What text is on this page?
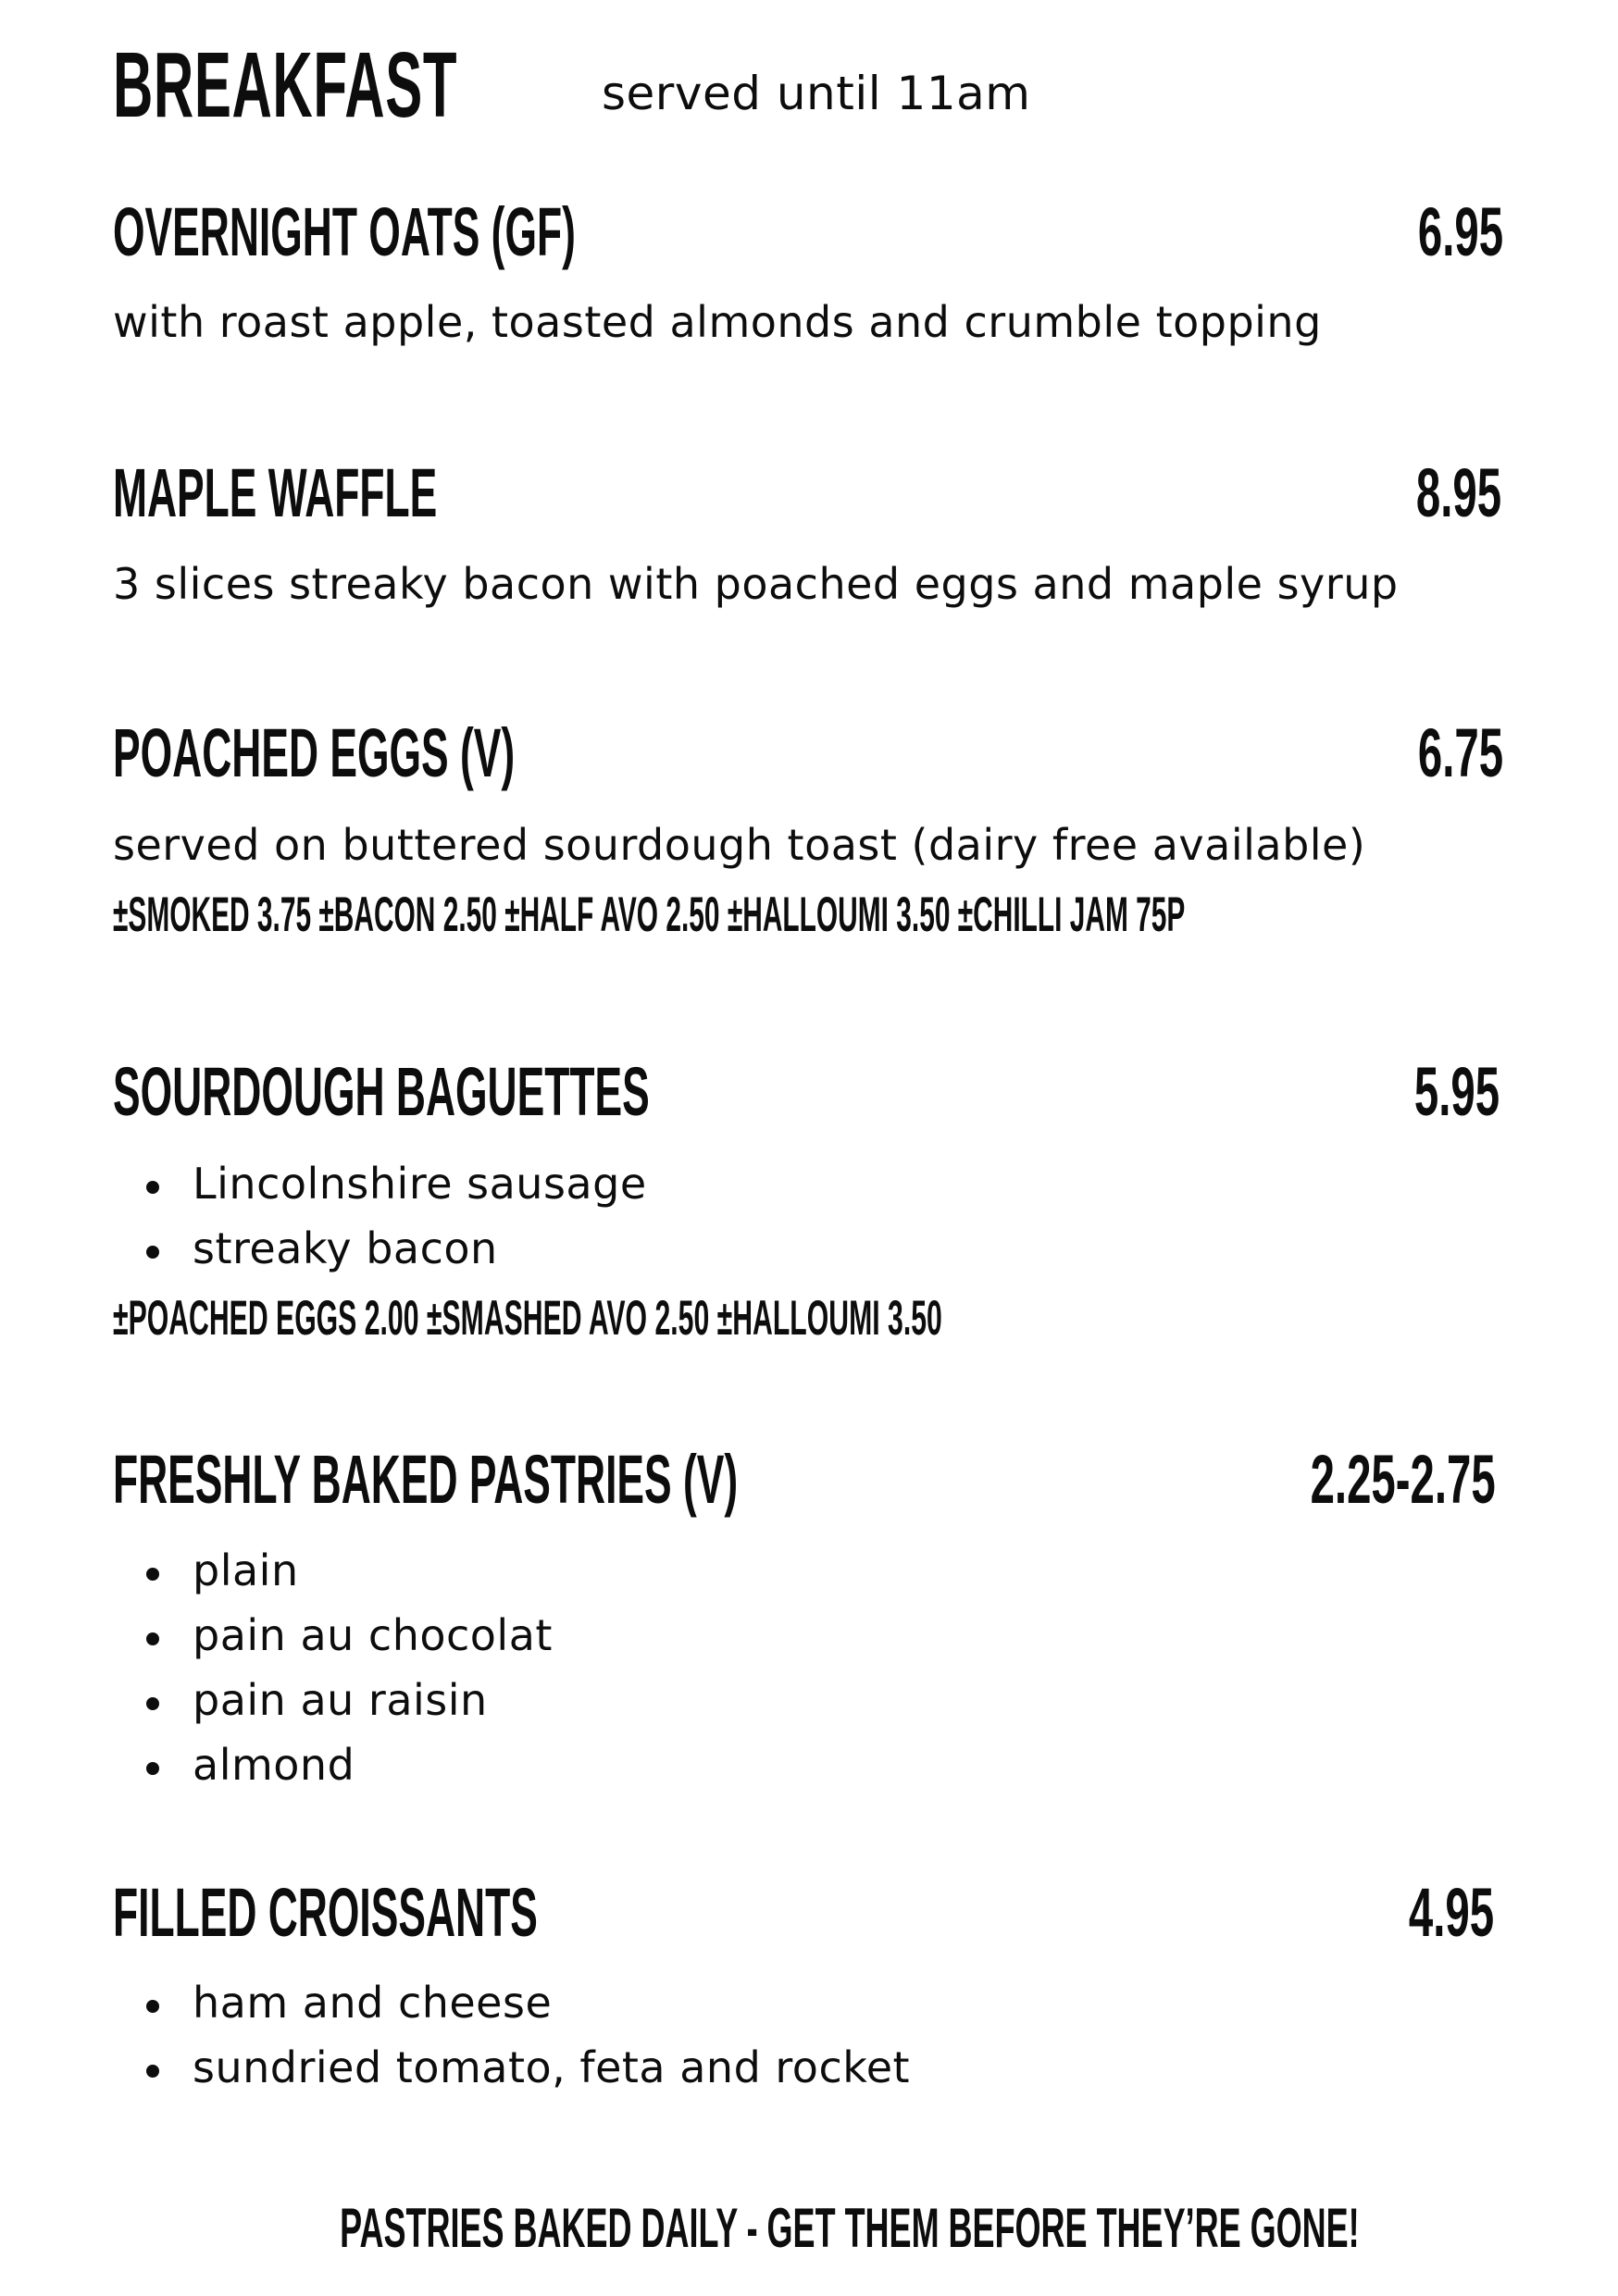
BREAKFAST	served until 11am
OVERNIGHT OATS (GF)	6.95
with roast apple, toasted almonds and crumble topping
MAPLE WAFFLE	8.95
3 slices streaky bacon with poached eggs and maple syrup
POACHED EGGS (V)	6.75
served on buttered sourdough toast (dairy free available)
±SMOKED 3.75 ±BACON 2.50 ±HALF AVO 2.50 ±HALLOUMI 3.50 ±CHILLI JAM 75P
SOURDOUGH BAGUETTES	5.95
Lincolnshire sausage
streaky bacon
±POACHED EGGS 2.00 ±SMASHED AVO 2.50 ±HALLOUMI 3.50
FRESHLY BAKED PASTRIES (V)	2.25-2.75
plain
pain au chocolat
pain au raisin
almond
FILLED CROISSANTS	4.95
ham and cheese
sundried tomato, feta and rocket
PASTRIES BAKED DAILY - GET THEM BEFORE THEY’RE GONE!
